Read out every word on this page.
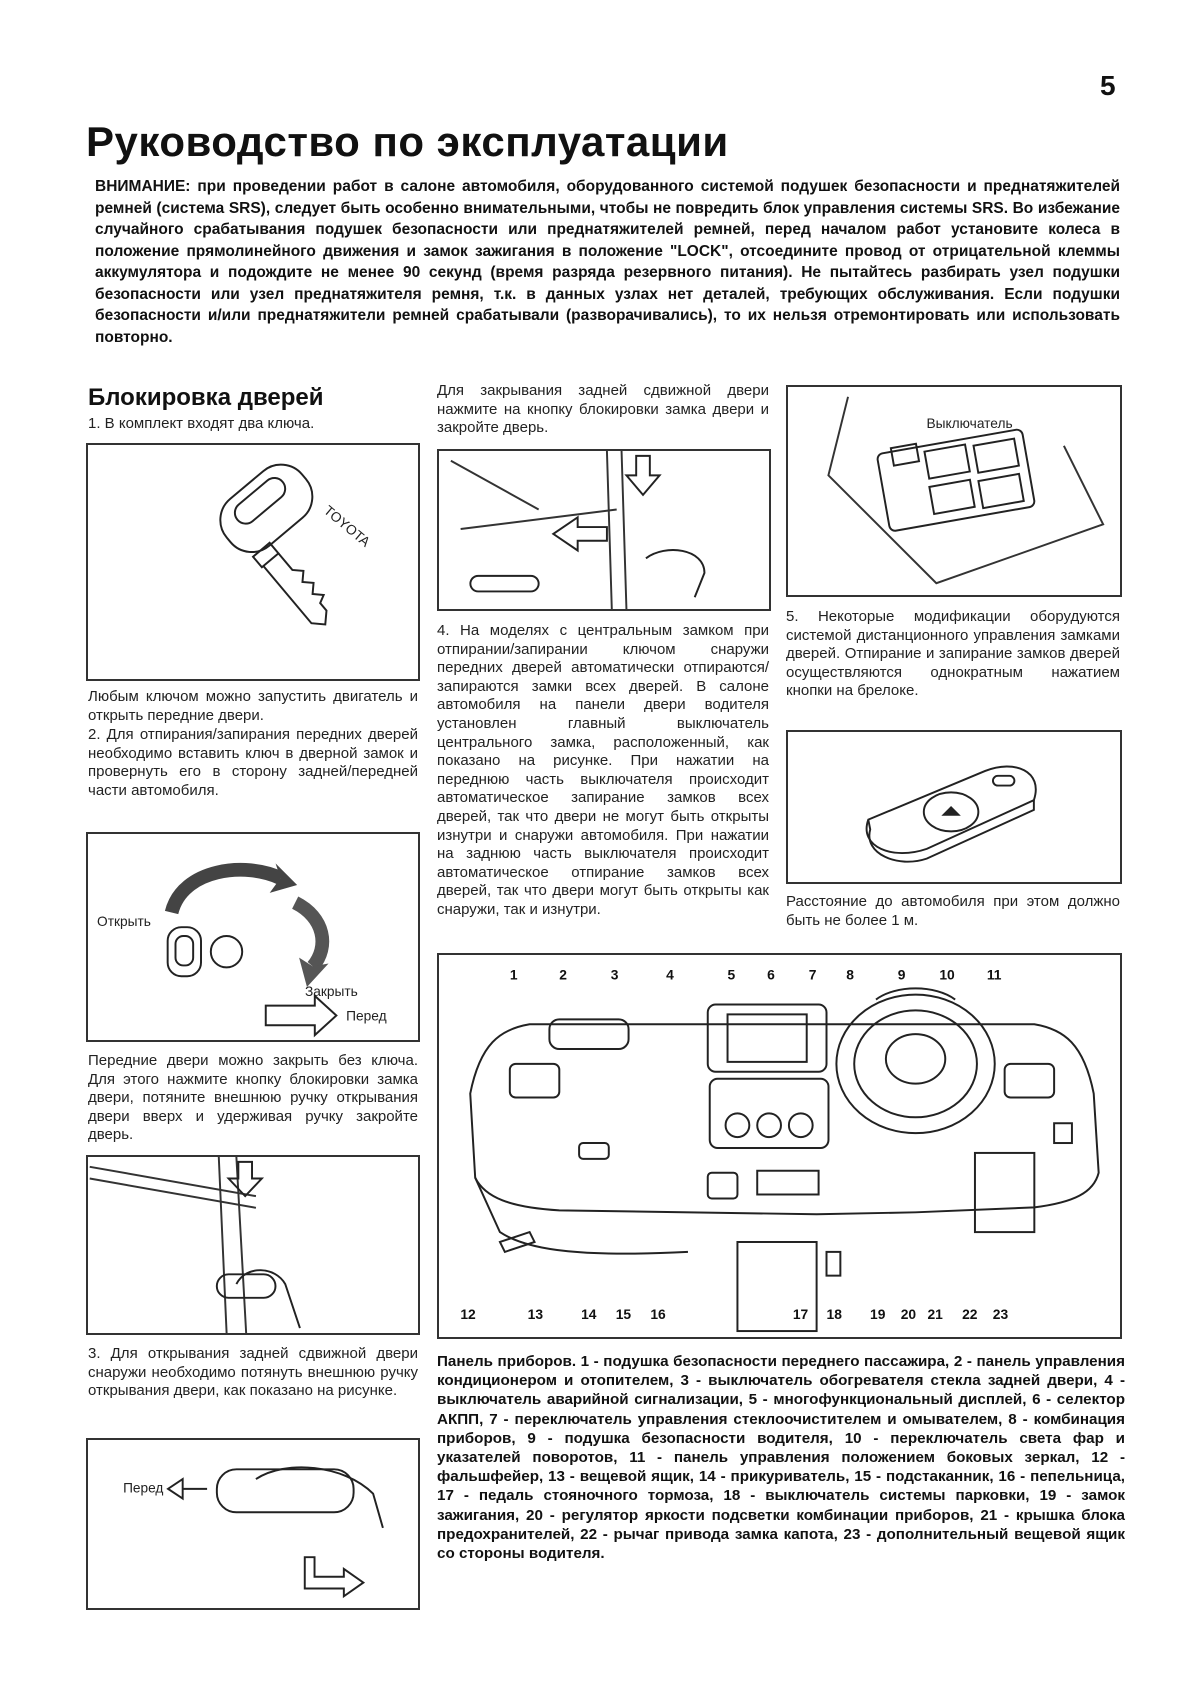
5
Руководство по эксплуатации
ВНИМАНИЕ: при проведении работ в салоне автомобиля, оборудованного системой подушек безопасности и преднатяжителей ремней (система SRS), следует быть особенно внимательными, чтобы не повредить блок управления системы SRS. Во избежание случайного срабатывания подушек безопасности или преднатяжителей ремней, перед началом работ установите колеса в положение прямолинейного движения и замок зажигания в положение "LOCK", отсоедините провод от отрицательной клеммы аккумулятора и подождите не менее 90 секунд (время разряда резервного питания). Не пытайтесь разбирать узел подушки безопасности или узел преднатяжителя ремня, т.к. в данных узлах нет деталей, требующих обслуживания. Если подушки безопасности и/или преднатяжители ремней срабатывали (разворачивались), то их нельзя отремонтировать или использовать повторно.
Блокировка дверей
1. В комплект входят два ключа.
TOYOTA
Любым ключом можно запустить двигатель и открыть передние двери.
2. Для отпирания/запирания передних дверей необходимо вставить ключ в дверной замок и провернуть его в сторону задней/передней части автомобиля.
Открыть
Закрыть
Перед
Передние двери можно закрыть без ключа. Для этого нажмите кнопку блокировки замка двери, потяните внешнюю ручку открывания двери вверх и удерживая ручку закройте дверь.
3. Для открывания задней сдвижной двери снаружи необходимо потянуть внешнюю ручку открывания двери, как показано на рисунке.
Перед
Для закрывания задней сдвижной двери нажмите на кнопку блокировки замка двери и закройте дверь.
4. На моделях с центральным замком при отпирании/запирании ключом снаружи передних дверей автоматически отпираются/запираются замки всех дверей. В салоне автомобиля на панели двери водителя установлен главный выключатель центрального замка, расположенный, как показано на рисунке. При нажатии на переднюю часть выключателя происходит автоматическое запирание замков всех дверей, так что двери не могут быть открыты изнутри и снаружи автомобиля. При нажатии на заднюю часть выключателя происходит автоматическое отпирание замков всех дверей, так что двери могут быть открыты как снаружи, так и изнутри.
Выключатель
5. Некоторые модификации оборудуются системой дистанционного управления замками дверей. Отпирание и запирание замков дверей осуществляются однократным нажатием кнопки на брелоке.
Расстояние до автомобиля при этом должно быть не более 1 м.
1	2	3	4	5 6 7 8	9 10 11
12	13	14 15 16	17 18 19 20 21 22 23
Панель приборов. 1 - подушка безопасности переднего пассажира, 2 - панель управления кондиционером и отопителем, 3 - выключатель обогревателя стекла задней двери, 4 - выключатель аварийной сигнализации, 5 - многофункциональный дисплей, 6 - селектор АКПП, 7 - переключатель управления стеклоочистителем и омывателем, 8 - комбинация приборов, 9 - подушка безопасности водителя, 10 - переключатель света фар и указателей поворотов, 11 - панель управления положением боковых зеркал, 12 - фальшфейер, 13 - вещевой ящик, 14 - прикуриватель, 15 - подстаканник, 16 - пепельница, 17 - педаль стояночного тормоза, 18 - выключатель системы парковки, 19 - замок зажигания, 20 - регулятор яркости подсветки комбинации приборов, 21 - крышка блока предохранителей, 22 - рычаг привода замка капота, 23 - дополнительный вещевой ящик со стороны водителя.
